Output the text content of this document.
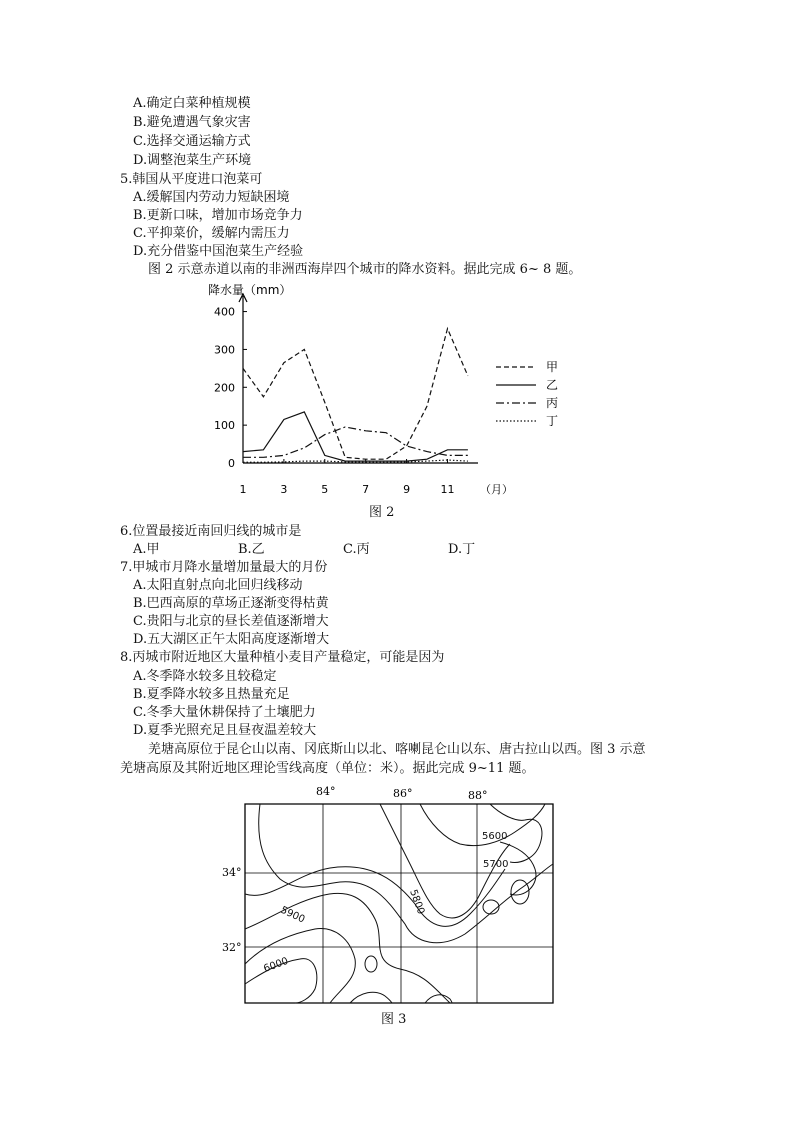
A.确定白菜种植规模
B.避免遭遇气象灾害
C.选择交通运输方式
D.调整泡菜生产环境
5.韩国从平度进口泡菜可
A.缓解国内劳动力短缺困境
B.更新口味，增加市场竞争力
C.平抑菜价，缓解内需压力
D.充分借鉴中国泡菜生产经验
图 2 示意赤道以南的非洲西海岸四个城市的降水资料。据此完成 6~ 8 题。
降水量（mm）
0
100
200
300
400
1	3	5	7	9	11 （月）
甲
乙
丙
丁
图 2
6.位置最接近南回归线的城市是
A.甲	B.乙	C.丙	D.丁
7.甲城市月降水量增加量最大的月份
A.太阳直射点向北回归线移动
B.巴西高原的草场正逐渐变得枯黄
C.贵阳与北京的昼长差值逐渐增大
D.五大湖区正午太阳高度逐渐增大
8.丙城市附近地区大量种植小麦目产量稳定，可能是因为
A.冬季降水较多且较稳定
B.夏季降水较多且热量充足
C.冬季大量休耕保持了土壤肥力
D.夏季光照充足且昼夜温差较大
羌塘高原位于昆仑山以南、冈底斯山以北、喀喇昆仑山以东、唐古拉山以西。图 3 示意
羌塘高原及其附近地区理论雪线高度（单位：米）。据此完成 9~11 题。
84°	86°	88°
34°
32°
5600
5700
5800
5900
6000
图 3
